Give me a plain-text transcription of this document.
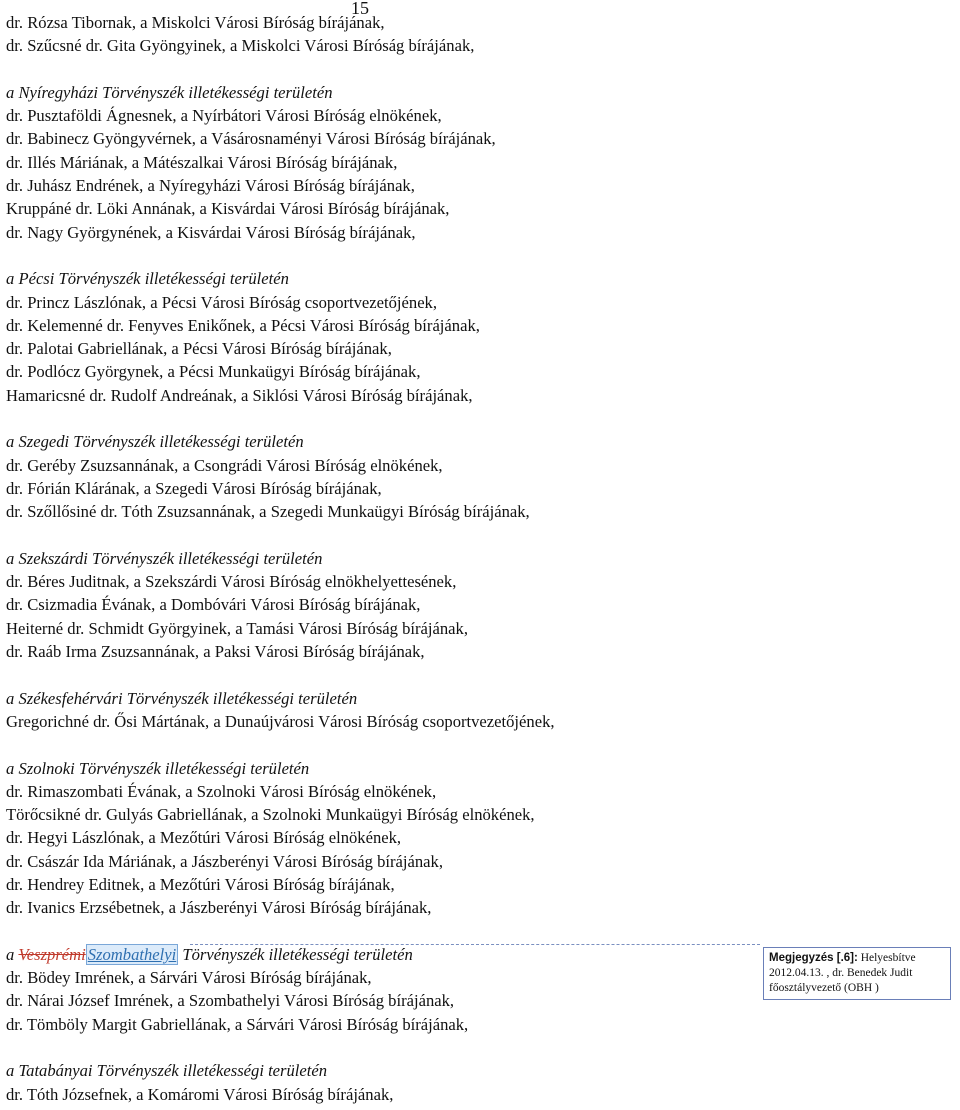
15
dr. Rózsa Tibornak, a Miskolci Városi Bíróság bírájának,
dr. Szűcsné dr. Gita Gyöngyinek, a Miskolci Városi Bíróság bírájának,
a Nyíregyházi Törvényszék illetékességi területén
dr. Pusztaföldi Ágnesnek, a Nyírbátori Városi Bíróság elnökének,
dr. Babinecz Gyöngyvérnek, a Vásárosnaményi Városi Bíróság bírájának,
dr. Illés Máriának, a Mátészalkai Városi Bíróság bírájának,
dr. Juhász Endrének, a Nyíregyházi Városi Bíróság bírájának,
Kruppáné dr. Löki Annának, a Kisvárdai Városi Bíróság bírájának,
dr. Nagy Györgynének, a Kisvárdai Városi Bíróság bírájának,
a Pécsi Törvényszék illetékességi területén
dr. Princz Lászlónak, a Pécsi Városi Bíróság csoportvezetőjének,
dr. Kelemenné dr. Fenyves Enikőnek, a Pécsi Városi Bíróság bírájának,
dr. Palotai Gabriellának, a Pécsi Városi Bíróság bírájának,
dr. Podlócz Györgynek, a Pécsi Munkaügyi Bíróság bírájának,
Hamaricsné dr. Rudolf Andreának, a Siklósi Városi Bíróság bírájának,
a Szegedi Törvényszék illetékességi területén
dr. Geréby Zsuzsannának, a Csongrádi Városi Bíróság elnökének,
dr. Fórián Klárának, a Szegedi Városi Bíróság bírájának,
dr. Szőllősiné dr. Tóth Zsuzsannának, a Szegedi Munkaügyi Bíróság bírájának,
a Szekszárdi Törvényszék illetékességi területén
dr. Béres Juditnak, a Szekszárdi Városi Bíróság elnökhelyettesének,
dr. Csizmadia Évának, a Dombóvári Városi Bíróság bírájának,
Heiterné dr. Schmidt Györgyinek, a Tamási Városi Bíróság bírájának,
dr. Raáb Irma Zsuzsannának, a Paksi Városi Bíróság bírájának,
a Székesfehérvári Törvényszék illetékességi területén
Gregorichné dr. Ősi Mártának, a Dunaújvárosi Városi Bíróság csoportvezetőjének,
a Szolnoki Törvényszék illetékességi területén
dr. Rimaszombati Évának, a Szolnoki Városi Bíróság elnökének,
Törőcsikné dr. Gulyás Gabriellának, a Szolnoki Munkaügyi Bíróság elnökének,
dr. Hegyi Lászlónak, a Mezőtúri Városi Bíróság elnökének,
dr. Császár Ida Máriának, a Jászberényi Városi Bíróság bírájának,
dr. Hendrey Editnek, a Mezőtúri Városi Bíróság bírájának,
dr. Ivanics Erzsébetnek, a Jászberényi Városi Bíróság bírájának,
a Veszprémi Szombathelyi Törvényszék illetékességi területén
dr. Bödey Imrének, a Sárvári Városi Bíróság bírájának,
dr. Nárai József Imrének, a Szombathelyi Városi Bíróság bírájának,
dr. Tömböly Margit Gabriellának, a Sárvári Városi Bíróság bírájának,
a Tatabányai Törvényszék illetékességi területén
dr. Tóth Józsefnek, a Komáromi Városi Bíróság bírájának,
Megjegyzés [.6]: Helyesbítve 2012.04.13. , dr. Benedek Judit főosztályvezető (OBH )
